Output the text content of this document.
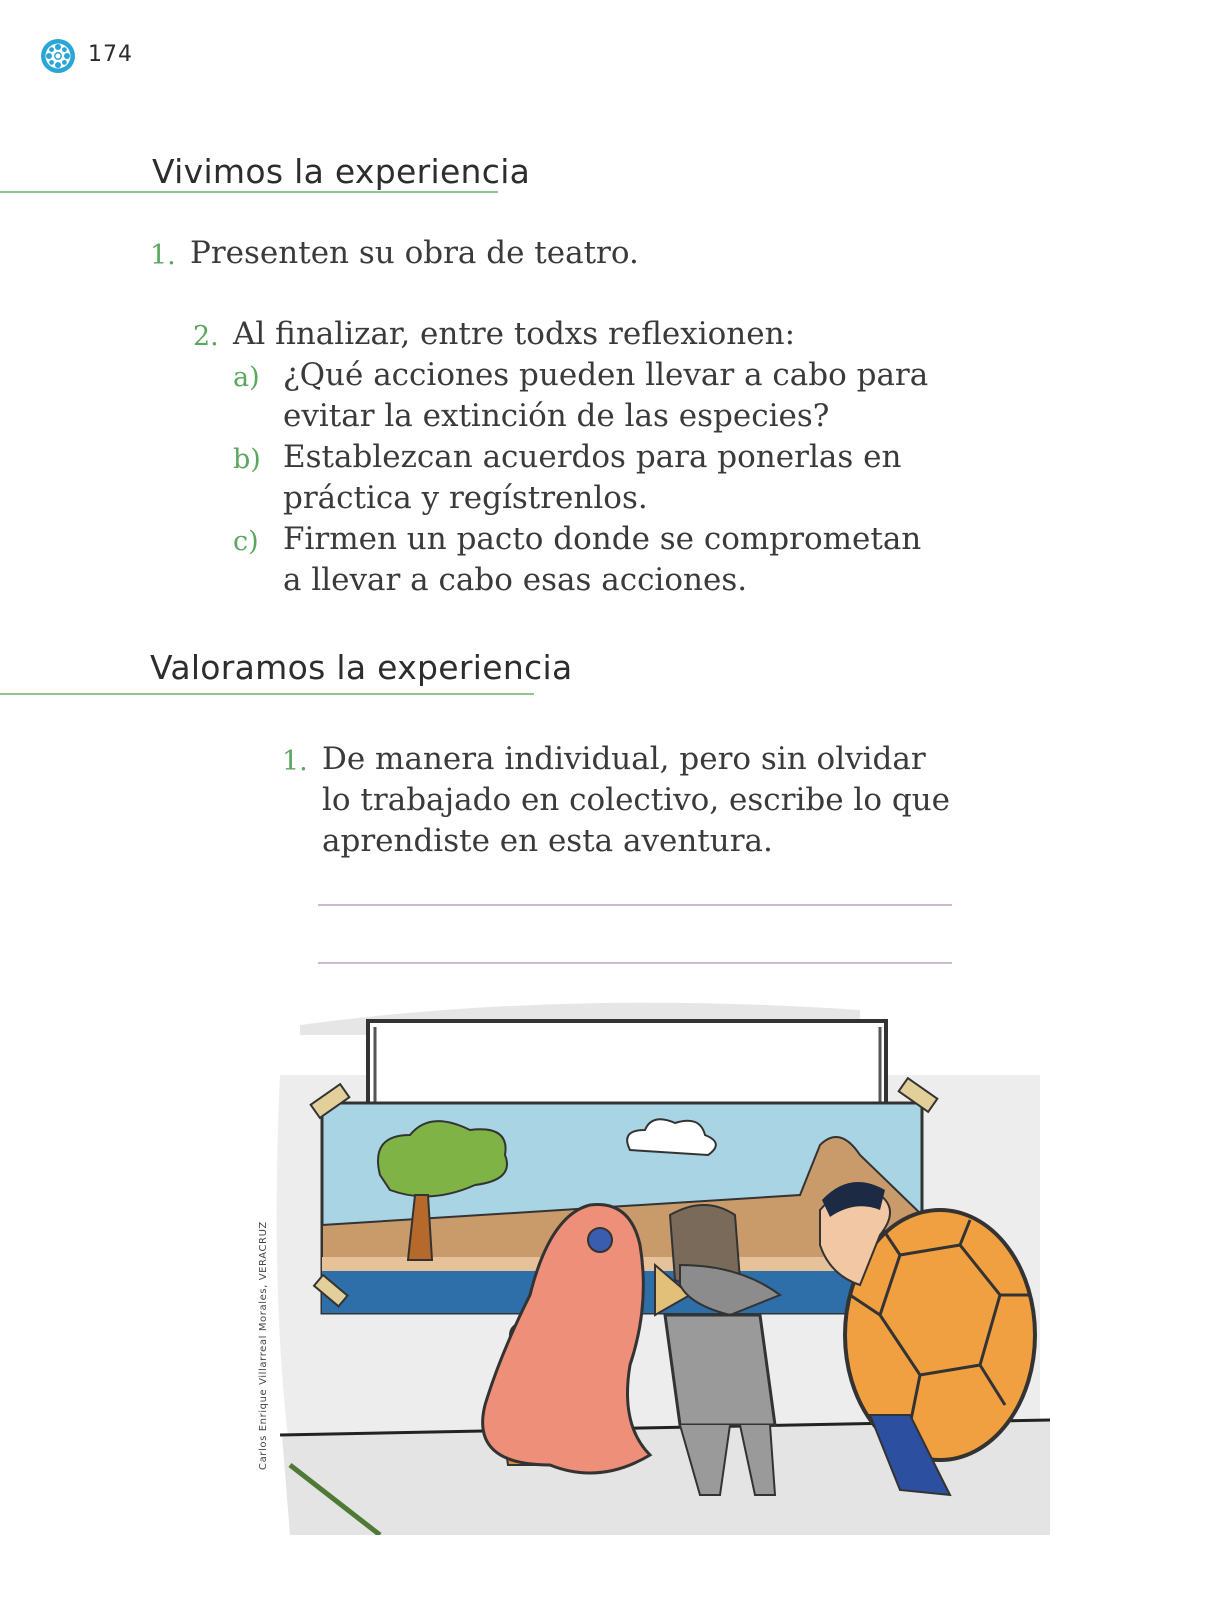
174
Vivimos la experiencia
1. Presenten su obra de teatro.
2. Al finalizar, entre todxs reflexionen:
a) ¿Qué acciones pueden llevar a cabo para
evitar la extinción de las especies?
b) Establezcan acuerdos para ponerlas en
práctica y regístrenlos.
c) Firmen un pacto donde se comprometan
a llevar a cabo esas acciones.
Valoramos la experiencia
1. De manera individual, pero sin olvidar
lo trabajado en colectivo, escribe lo que
aprendiste en esta aventura.
Carlos Enrique Villarreal Morales, VERACRUZ
